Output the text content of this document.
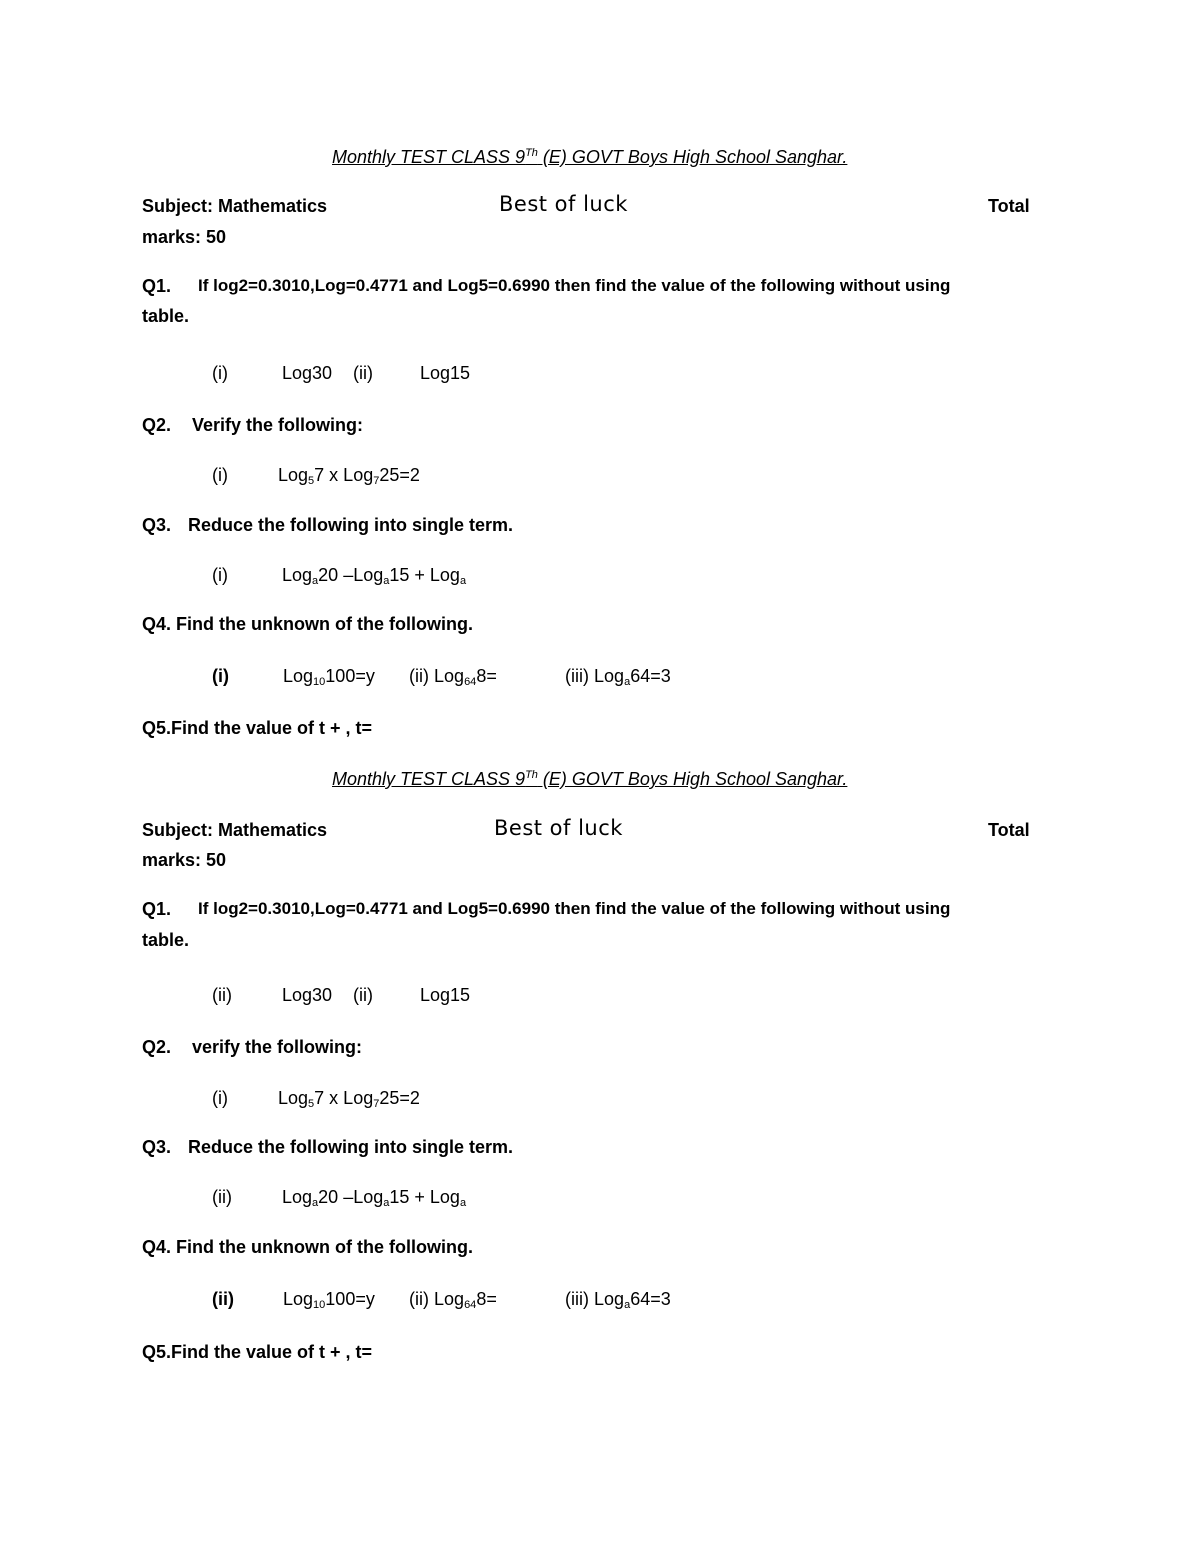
Monthly TEST CLASS 9Th (E) GOVT Boys High School Sanghar.
Subject: Mathematics	Best of luck	Total
marks: 50
Q1. If log2=0.3010,Log=0.4771 and Log5=0.6990 then find the value of the following without using
table.
(i)	Log30 (ii)	Log15
Q2. Verify the following:
(i)	Log$_5$7 x Log$_7$25=2
Q3. Reduce the following into single term.
(i)	Log$_a$20 –Log$_a$15 + Log$_a$
Q4. Find the unknown of the following.
(i)	Log$_{10}$100=y (ii) Log$_{64}$8=	(iii) Log$_a$64=3
Q5.Find the value of t + , t=
Monthly TEST CLASS 9Th (E) GOVT Boys High School Sanghar.
Subject: Mathematics	Best of luck	Total
marks: 50
Q1. If log2=0.3010,Log=0.4771 and Log5=0.6990 then find the value of the following without using
table.
(ii)	Log30 (ii)	Log15
Q2. verify the following:
(i)	Log$_5$7 x Log$_7$25=2
Q3. Reduce the following into single term.
(ii)	Log$_a$20 –Log$_a$15 + Log$_a$
Q4. Find the unknown of the following.
(ii)	Log$_{10}$100=y (ii) Log$_{64}$8=	(iii) Log$_a$64=3
Q5.Find the value of t + , t=
